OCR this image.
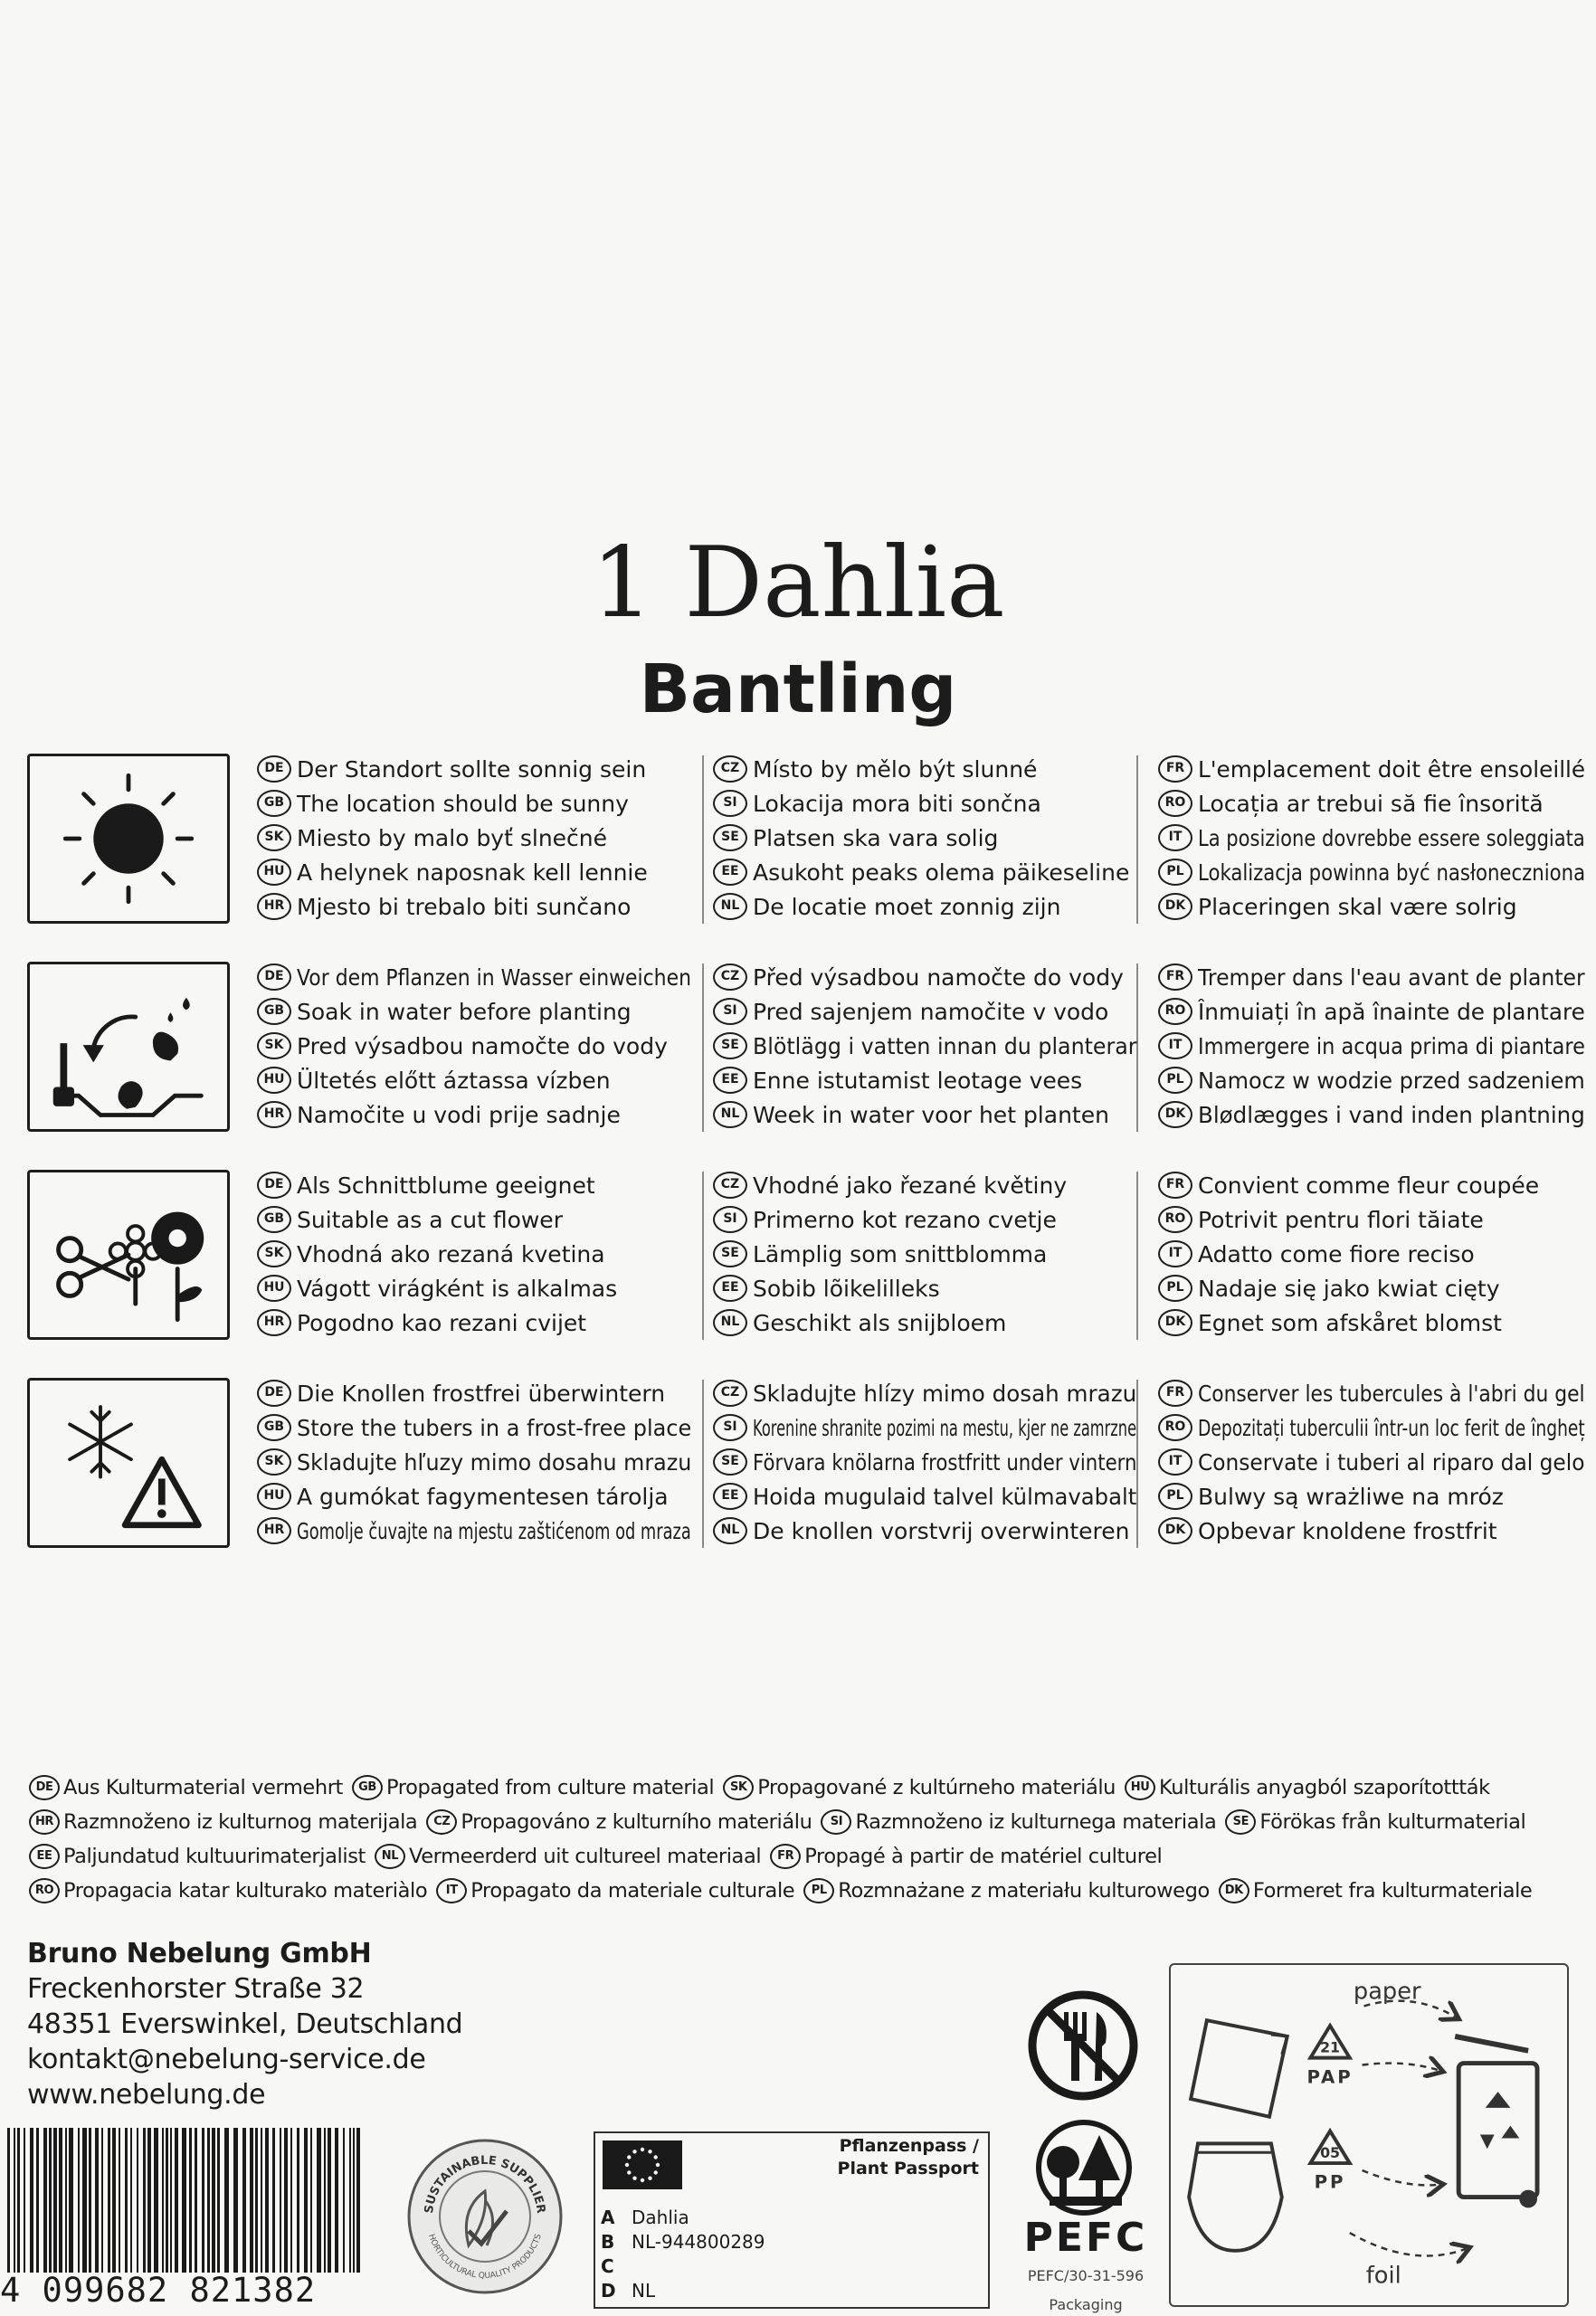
1 Dahlia
Bantling
DE Der Standort sollte sonnig sein
GB The location should be sunny
SK Miesto by malo byť slnečné
HU A helynek naposnak kell lennie
HR Mjesto bi trebalo biti sunčano
CZ Místo by mělo být slunné
SI Lokacija mora biti sončna
SE Platsen ska vara solig
EE Asukoht peaks olema päikeseline
NL De locatie moet zonnig zijn
FR L'emplacement doit être ensoleillé
RO Locația ar trebui să fie însorită
IT La posizione dovrebbe essere soleggiata
PL Lokalizacja powinna być nasłoneczniona
DK Placeringen skal være solrig
DE Vor dem Pflanzen in Wasser einweichen
GB Soak in water before planting
SK Pred výsadbou namočte do vody
HU Ültetés előtt áztassa vízben
HR Namočite u vodi prije sadnje
CZ Před výsadbou namočte do vody
SI Pred sajenjem namočite v vodo
SE Blötlägg i vatten innan du planterar
EE Enne istutamist leotage vees
NL Week in water voor het planten
FR Tremper dans l'eau avant de planter
RO Înmuiați în apă înainte de plantare
IT Immergere in acqua prima di piantare
PL Namocz w wodzie przed sadzeniem
DK Blødlægges i vand inden plantning
DE Als Schnittblume geeignet
GB Suitable as a cut flower
SK Vhodná ako rezaná kvetina
HU Vágott virágként is alkalmas
HR Pogodno kao rezani cvijet
CZ Vhodné jako řezané květiny
SI Primerno kot rezano cvetje
SE Lämplig som snittblomma
EE Sobib lõikelilleks
NL Geschikt als snijbloem
FR Convient comme fleur coupée
RO Potrivit pentru flori tăiate
IT Adatto come fiore reciso
PL Nadaje się jako kwiat cięty
DK Egnet som afskåret blomst
DE Die Knollen frostfrei überwintern
GB Store the tubers in a frost-free place
SK Skladujte hľuzy mimo dosahu mrazu
HU A gumókat fagymentesen tárolja
HR Gomolje čuvajte na mjestu zaštićenom od mraza
CZ Skladujte hlízy mimo dosah mrazu
SI Korenine shranite pozimi na mestu, kjer ne zamrzne
SE Förvara knölarna frostfritt under vintern
EE Hoida mugulaid talvel külmavabalt
NL De knollen vorstvrij overwinteren
FR Conserver les tubercules à l'abri du gel
RO Depozitați tuberculii într-un loc ferit de îngheț
IT Conservate i tuberi al riparo dal gelo
PL Bulwy są wrażliwe na mróz
DK Opbevar knoldene frostfrit
DE Aus Kulturmaterial vermehrt	GB Propagated from culture material	SK Propagované z kultúrneho materiálu	HU Kulturális anyagból szaporítottták
HR Razmnoženo iz kulturnog materijala	CZ Propagováno z kulturního materiálu	SI Razmnoženo iz kulturnega materiala	SE Förökas från kulturmaterial
EE Paljundatud kultuurimaterjalist	NL Vermeerderd uit cultureel materiaal	FR Propagé à partir de matériel culturel
RO Propagacia katar kulturako materiàlo	IT Propagato da materiale culturale	PL Rozmnażane z materiału kulturowego	DK Formeret fra kulturmateriale
Bruno Nebelung GmbH
Freckenhorster Straße 32
48351 Everswinkel, Deutschland
kontakt@nebelung-service.de
www.nebelung.de
4 099682 821382
SUSTAINABLE SUPPLIER
HORTICULTURAL QUALITY PRODUCTS
Pflanzenpass /
Plant Passport
A Dahlia
B NL-944800289
C
D NL
PEFC
PEFC/30-31-596
Packaging
21
PAP
05
PP
paper
foil
